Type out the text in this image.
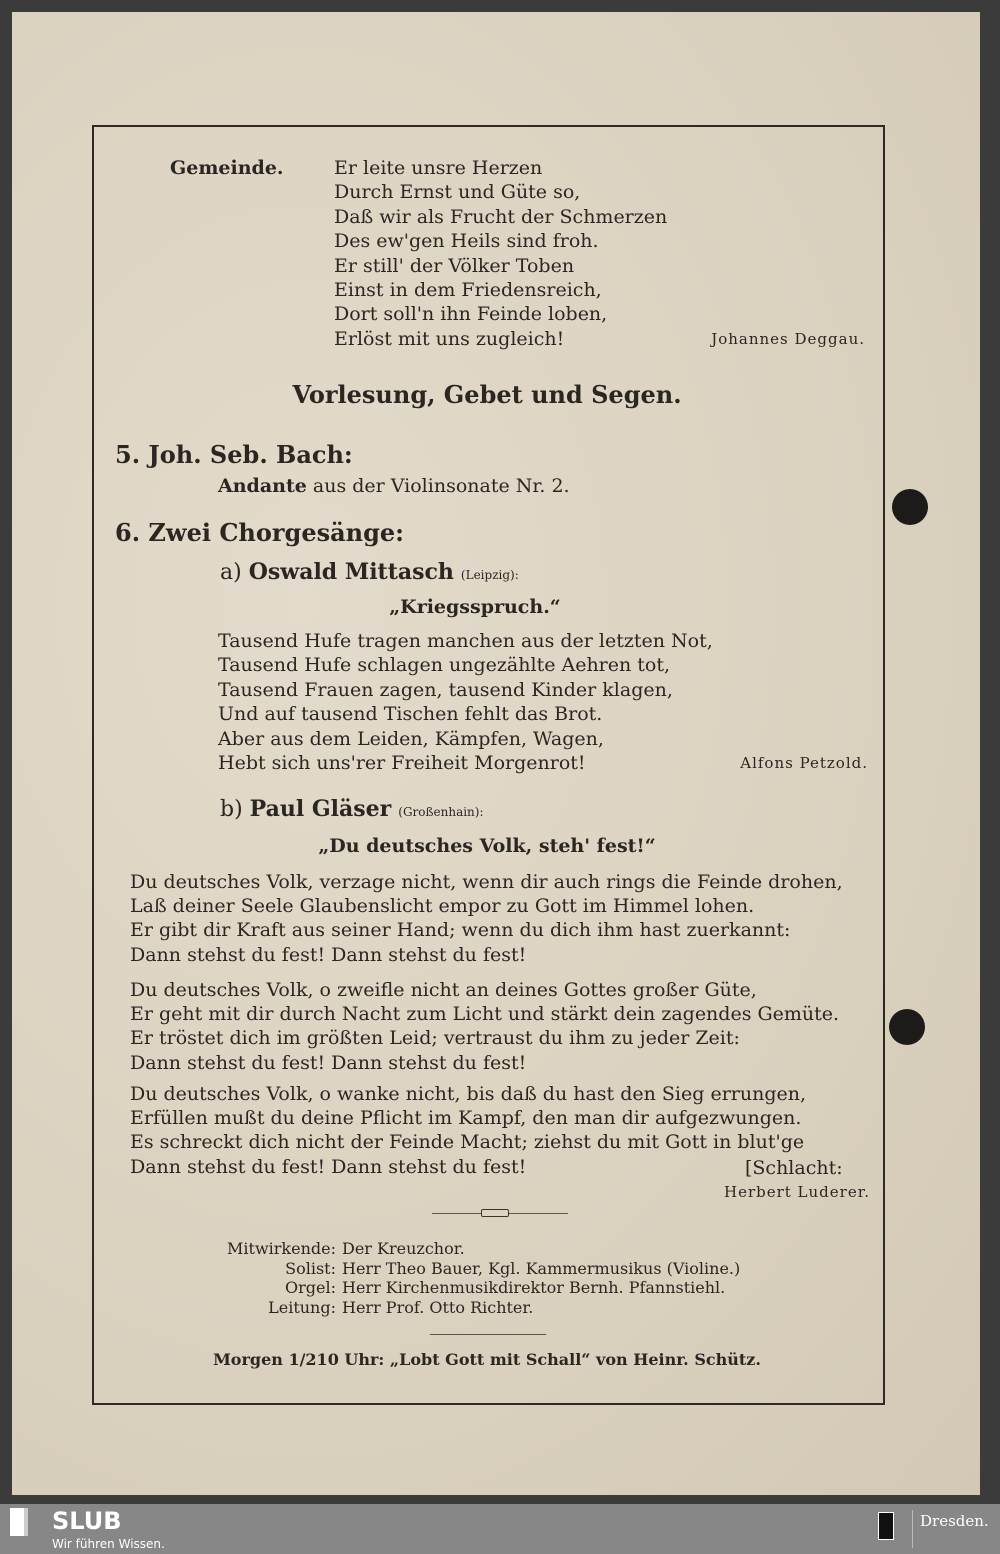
Gemeinde.	Er leite unsre Herzen
Durch Ernst und Güte so,
Daß wir als Frucht der Schmerzen
Des ew'gen Heils sind froh.
Er still' der Völker Toben
Einst in dem Friedensreich,
Dort soll'n ihn Feinde loben,
Erlöst mit uns zugleich!	Johannes Deggau.
Vorlesung, Gebet und Segen.
5. Joh. Seb. Bach:
Andante aus der Violinsonate Nr. 2.
6. Zwei Chorgesänge:
a) Oswald Mittasch (Leipzig):
„Kriegsspruch.“
Tausend Hufe tragen manchen aus der letzten Not,
Tausend Hufe schlagen ungezählte Aehren tot,
Tausend Frauen zagen, tausend Kinder klagen,
Und auf tausend Tischen fehlt das Brot.
Aber aus dem Leiden, Kämpfen, Wagen,
Hebt sich uns'rer Freiheit Morgenrot!	Alfons Petzold.
b) Paul Gläser (Großenhain):
„Du deutsches Volk, steh' fest!“
Du deutsches Volk, verzage nicht, wenn dir auch rings die Feinde drohen,
Laß deiner Seele Glaubenslicht empor zu Gott im Himmel lohen.
Er gibt dir Kraft aus seiner Hand; wenn du dich ihm hast zuerkannt:
Dann stehst du fest! Dann stehst du fest!
Du deutsches Volk, o zweifle nicht an deines Gottes großer Güte,
Er geht mit dir durch Nacht zum Licht und stärkt dein zagendes Gemüte.
Er tröstet dich im größten Leid; vertraust du ihm zu jeder Zeit:
Dann stehst du fest! Dann stehst du fest!
Du deutsches Volk, o wanke nicht, bis daß du hast den Sieg errungen,
Erfüllen mußt du deine Pflicht im Kampf, den man dir aufgezwungen.
Es schreckt dich nicht der Feinde Macht; ziehst du mit Gott in blut'ge
Dann stehst du fest! Dann stehst du fest!	[Schlacht:
Herbert Luderer.
Mitwirkende: Der Kreuzchor.
Solist: Herr Theo Bauer, Kgl. Kammermusikus (Violine.)
Orgel: Herr Kirchenmusikdirektor Bernh. Pfannstiehl.
Leitung: Herr Prof. Otto Richter.
Morgen 1/210 Uhr: „Lobt Gott mit Schall“ von Heinr. Schütz.
SLUB
Wir führen Wissen.
Dresden.
